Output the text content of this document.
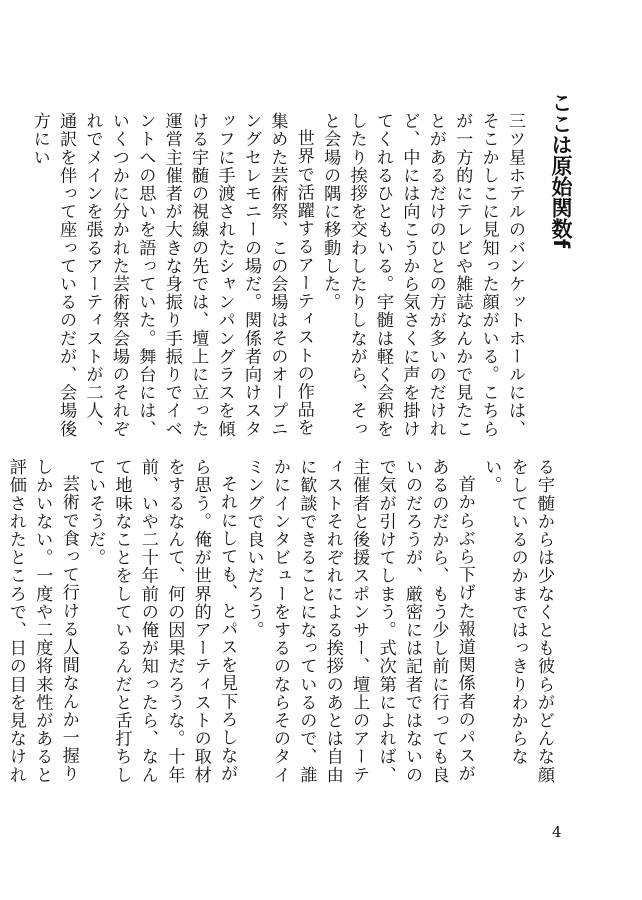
ここは原始関数f

三ツ星ホテルのバンケットホールには、そこかしこに見知った顔がいる。こちらが一方的にテレビや雑誌なんかで見たことがあるだけのひとの方が多いのだけれど、中には向こうから気さくに声を掛けてくれるひともいる。宇髄は軽く会釈をしたり挨拶を交わしたりしながら、そっと会場の隅に移動した。

世界で活躍するアーティストの作品を集めた芸術祭、この会場はそのオープニングセレモニーの場だ。関係者向けスタッフに手渡されたシャンパングラスを傾ける宇髄の視線の先では、壇上に立った運営主催者が大きな身振り手振りでイベントへの思いを語っていた。舞台には、いくつかに分かれた芸術祭会場のそれぞれでメインを張るアーティストが二人、通訳を伴って座っているのだが、会場後方にい

る宇髄からは少なくとも彼らがどんな顔をしているのかまではっきりわからない。

首からぶら下げた報道関係者のパスがあるのだから、もう少し前に行っても良いのだろうが、厳密には記者ではないので気が引けてしまう。式次第によれば、主催者と後援スポンサー、壇上のアーティストそれぞれによる挨拶のあとは自由に歓談できることになっているので、誰かにインタビューをするのならそのタイミングで良いだろう。

それにしても、とパスを見下ろしながら思う。俺が世界的アーティストの取材をするなんて、何の因果だろうな。十年前、いや二十年前の俺が知ったら、なんて地味なことをしているんだと舌打ちしていそうだ。

芸術で食って行ける人間なんか一握りしかいない。一度や二度将来性があると評価されたところで、日の目を見なけれ

4
